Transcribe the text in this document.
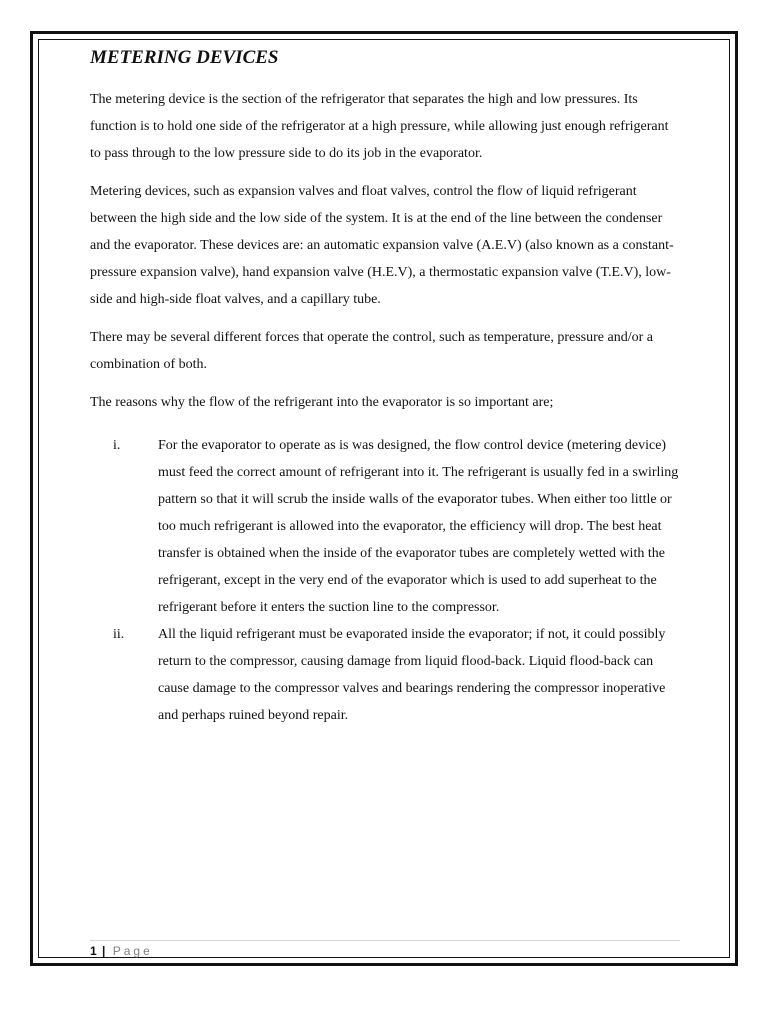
METERING DEVICES

The metering device is the section of the refrigerator that separates the high and low pressures. Its function is to hold one side of the refrigerator at a high pressure, while allowing just enough refrigerant to pass through to the low pressure side to do its job in the evaporator.

Metering devices, such as expansion valves and float valves, control the flow of liquid refrigerant between the high side and the low side of the system. It is at the end of the line between the condenser and the evaporator. These devices are: an automatic expansion valve (A.E.V) (also known as a constant-pressure expansion valve), hand expansion valve (H.E.V), a thermostatic expansion valve (T.E.V), low-side and high-side float valves, and a capillary tube.

There may be several different forces that operate the control, such as temperature, pressure and/or a combination of both.

The reasons why the flow of the refrigerant into the evaporator is so important are;

i.	For the evaporator to operate as is was designed, the flow control device (metering device) must feed the correct amount of refrigerant into it. The refrigerant is usually fed in a swirling pattern so that it will scrub the inside walls of the evaporator tubes. When either too little or too much refrigerant is allowed into the evaporator, the efficiency will drop. The best heat transfer is obtained when the inside of the evaporator tubes are completely wetted with the refrigerant, except in the very end of the evaporator which is used to add superheat to the refrigerant before it enters the suction line to the compressor.
ii.	All the liquid refrigerant must be evaporated inside the evaporator; if not, it could possibly return to the compressor, causing damage from liquid flood-back. Liquid flood-back can cause damage to the compressor valves and bearings rendering the compressor inoperative and perhaps ruined beyond repair.
1 | Page
